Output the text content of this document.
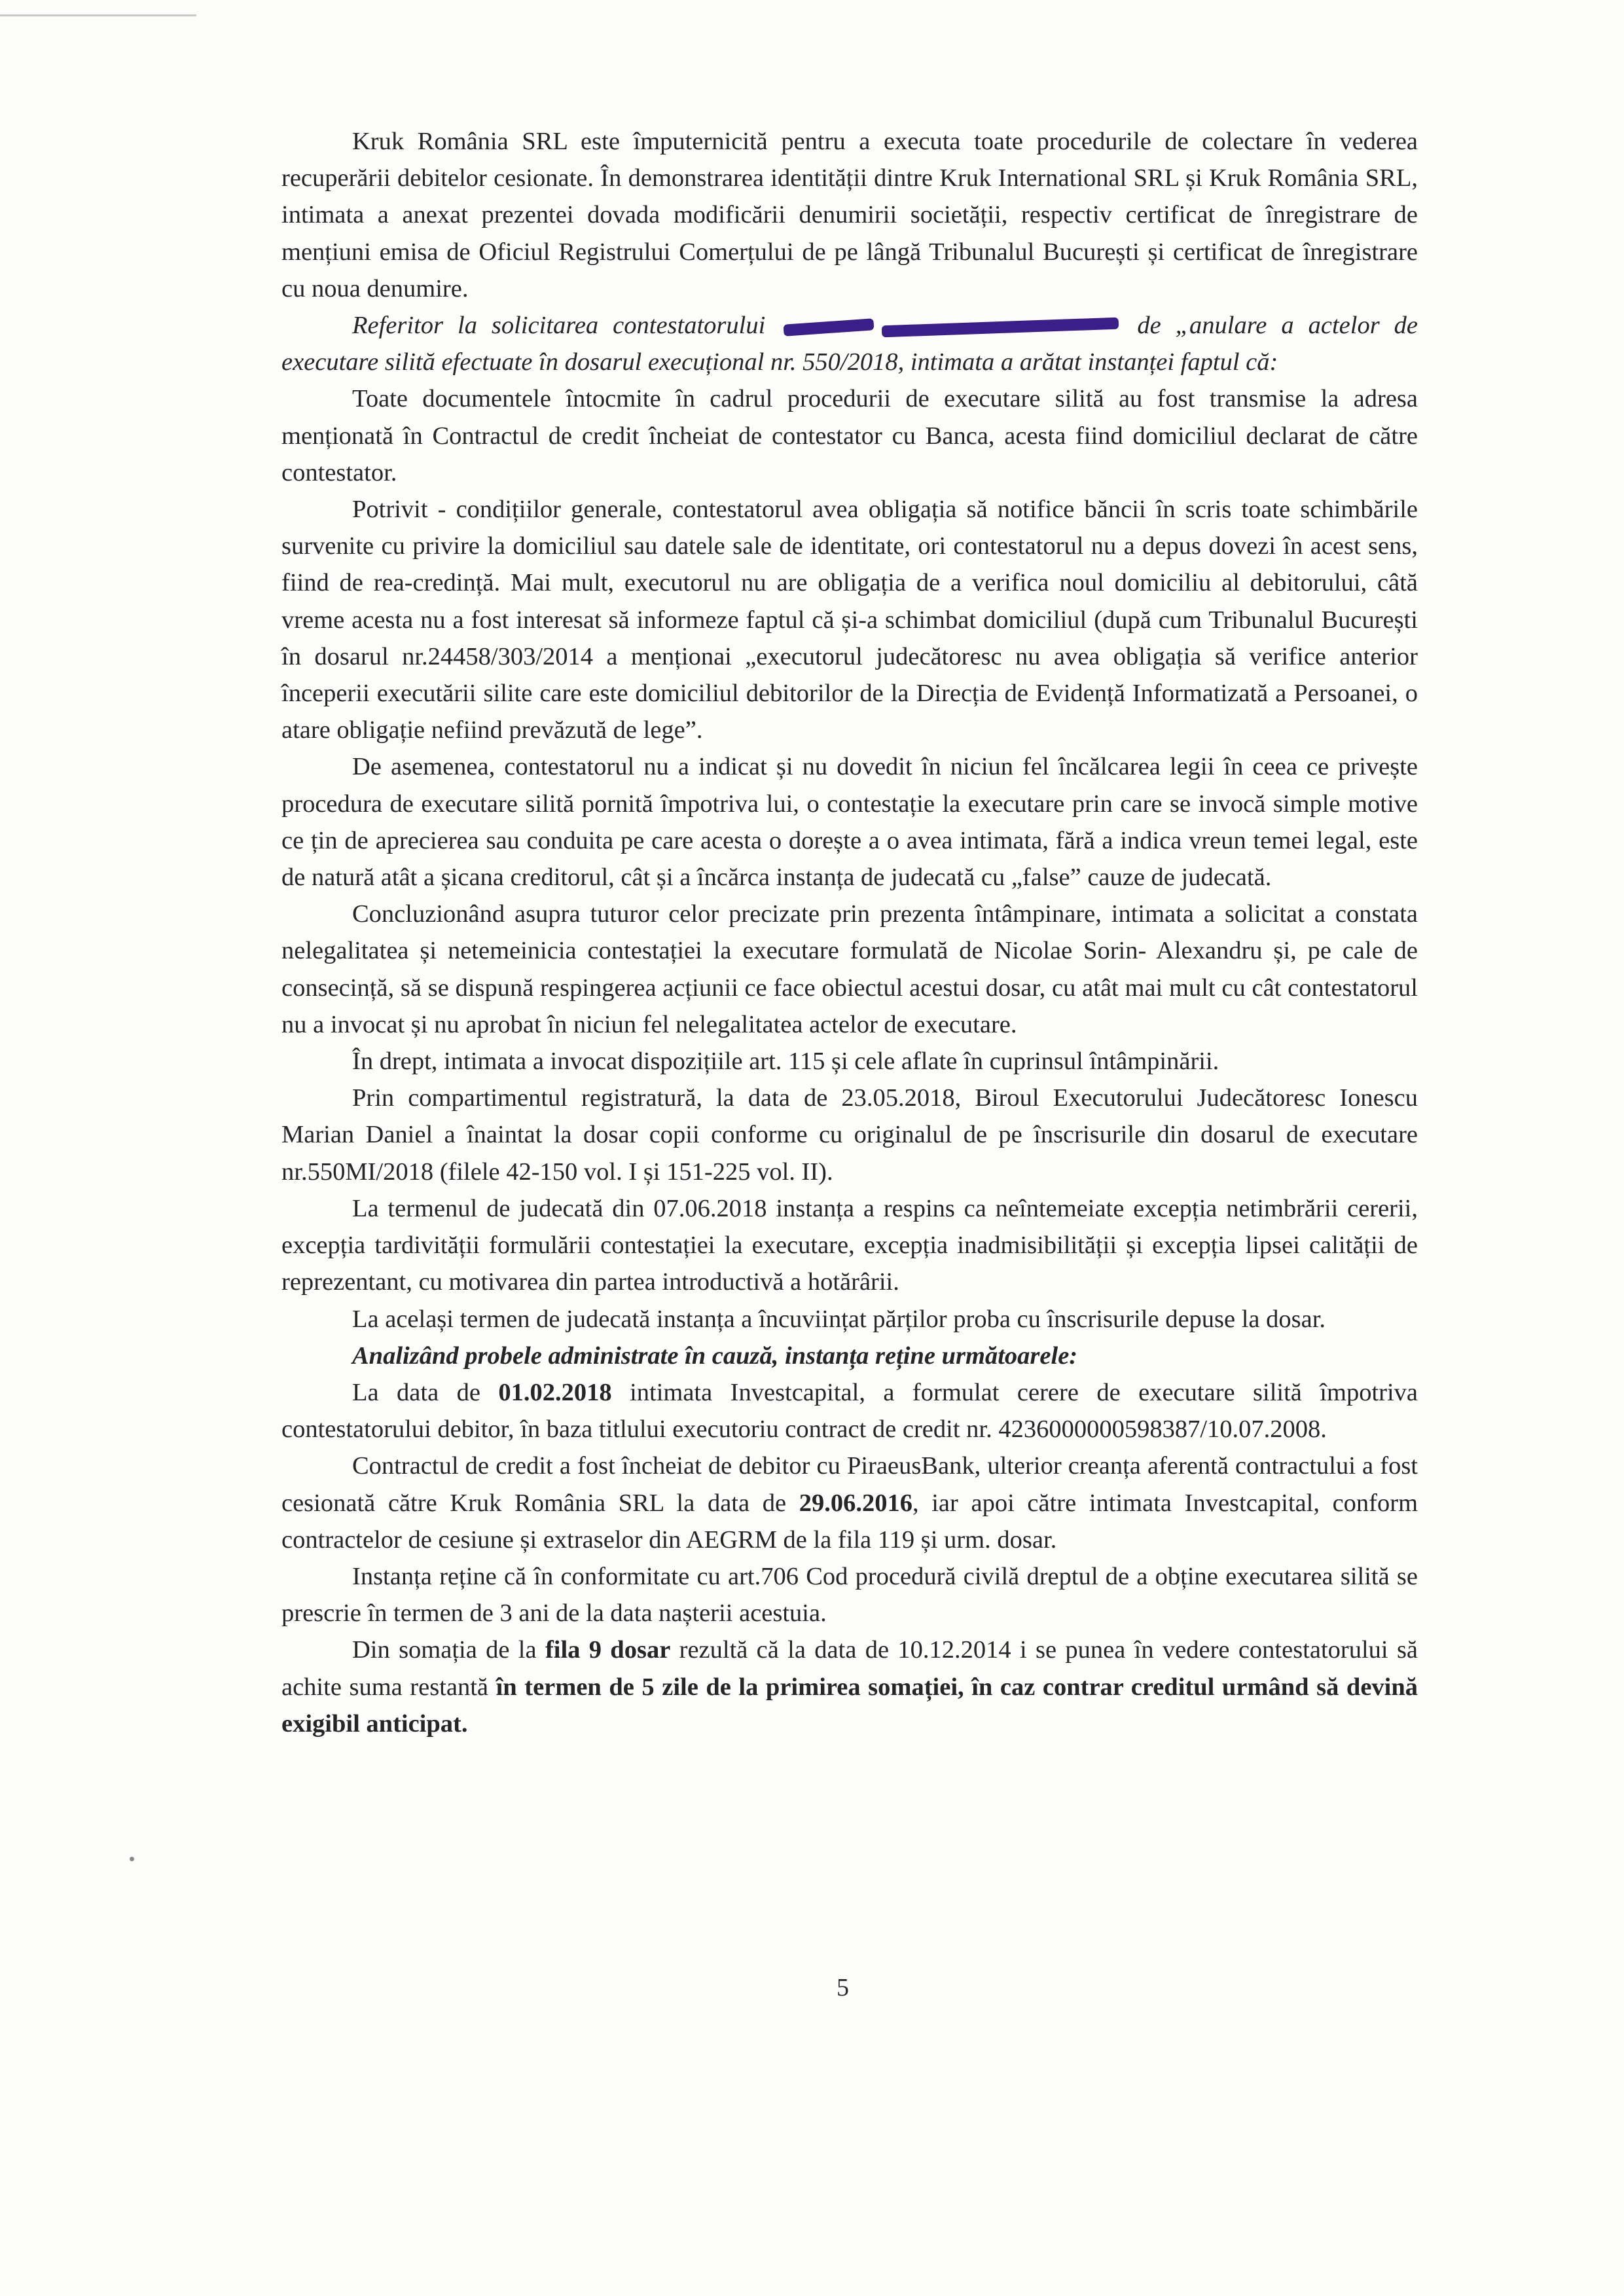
Kruk România SRL este împuternicită pentru a executa toate procedurile de colectare în vederea recuperării debitelor cesionate. În demonstrarea identității dintre Kruk International SRL și Kruk România SRL, intimata a anexat prezentei dovada modificării denumirii societății, respectiv certificat de înregistrare de mențiuni emisa de Oficiul Registrului Comerțului de pe lângă Tribunalul București și certificat de înregistrare cu noua denumire.

Referitor la solicitarea contestatorului	de „anulare a actelor de executare silită efectuate în dosarul execuțional nr. 550/2018, intimata a arătat instanței faptul că:

Toate documentele întocmite în cadrul procedurii de executare silită au fost transmise la adresa menționată în Contractul de credit încheiat de contestator cu Banca, acesta fiind domiciliul declarat de către contestator.

Potrivit - condițiilor generale, contestatorul avea obligația să notifice băncii în scris toate schimbările survenite cu privire la domiciliul sau datele sale de identitate, ori contestatorul nu a depus dovezi în acest sens, fiind de rea-credință. Mai mult, executorul nu are obligația de a verifica noul domiciliu al debitorului, câtă vreme acesta nu a fost interesat să informeze faptul că și-a schimbat domiciliul (după cum Tribunalul București în dosarul nr.24458/303/2014 a menționai „executorul judecătoresc nu avea obligația să verifice anterior începerii executării silite care este domiciliul debitorilor de la Direcția de Evidență Informatizată a Persoanei, o atare obligație nefiind prevăzută de lege”.

De asemenea, contestatorul nu a indicat și nu dovedit în niciun fel încălcarea legii în ceea ce privește procedura de executare silită pornită împotriva lui, o contestație la executare prin care se invocă simple motive ce țin de aprecierea sau conduita pe care acesta o dorește a o avea intimata, fără a indica vreun temei legal, este de natură atât a șicana creditorul, cât și a încărca instanța de judecată cu „false” cauze de judecată.

Concluzionând asupra tuturor celor precizate prin prezenta întâmpinare, intimata a solicitat a constata nelegalitatea și netemeinicia contestației la executare formulată de Nicolae Sorin- Alexandru și, pe cale de consecință, să se dispună respingerea acțiunii ce face obiectul acestui dosar, cu atât mai mult cu cât contestatorul nu a invocat și nu aprobat în niciun fel nelegalitatea actelor de executare.

În drept, intimata a invocat dispozițiile art. 115 și cele aflate în cuprinsul întâmpinării.

Prin compartimentul registratură, la data de 23.05.2018, Biroul Executorului Judecătoresc Ionescu Marian Daniel a înaintat la dosar copii conforme cu originalul de pe înscrisurile din dosarul de executare nr.550MI/2018 (filele 42-150 vol. I și 151-225 vol. II).

La termenul de judecată din 07.06.2018 instanța a respins ca neîntemeiate excepția netimbrării cererii, excepția tardivității formulării contestației la executare, excepția inadmisibilității și excepția lipsei calității de reprezentant, cu motivarea din partea introductivă a hotărârii.

La același termen de judecată instanța a încuviințat părților proba cu înscrisurile depuse la dosar.

Analizând probele administrate în cauză, instanța reține următoarele:

La data de 01.02.2018 intimata Investcapital, a formulat cerere de executare silită împotriva contestatorului debitor, în baza titlului executoriu contract de credit nr. 4236000000598387/10.07.2008.

Contractul de credit a fost încheiat de debitor cu PiraeusBank, ulterior creanța aferentă contractului a fost cesionată către Kruk România SRL la data de 29.06.2016, iar apoi către intimata Investcapital, conform contractelor de cesiune și extraselor din AEGRM de la fila 119 și urm. dosar.

Instanța reține că în conformitate cu art.706 Cod procedură civilă dreptul de a obține executarea silită se prescrie în termen de 3 ani de la data nașterii acestuia.

Din somația de la fila 9 dosar rezultă că la data de 10.12.2014 i se punea în vedere contestatorului să achite suma restantă în termen de 5 zile de la primirea somației, în caz contrar creditul urmând să devină exigibil anticipat.

5
